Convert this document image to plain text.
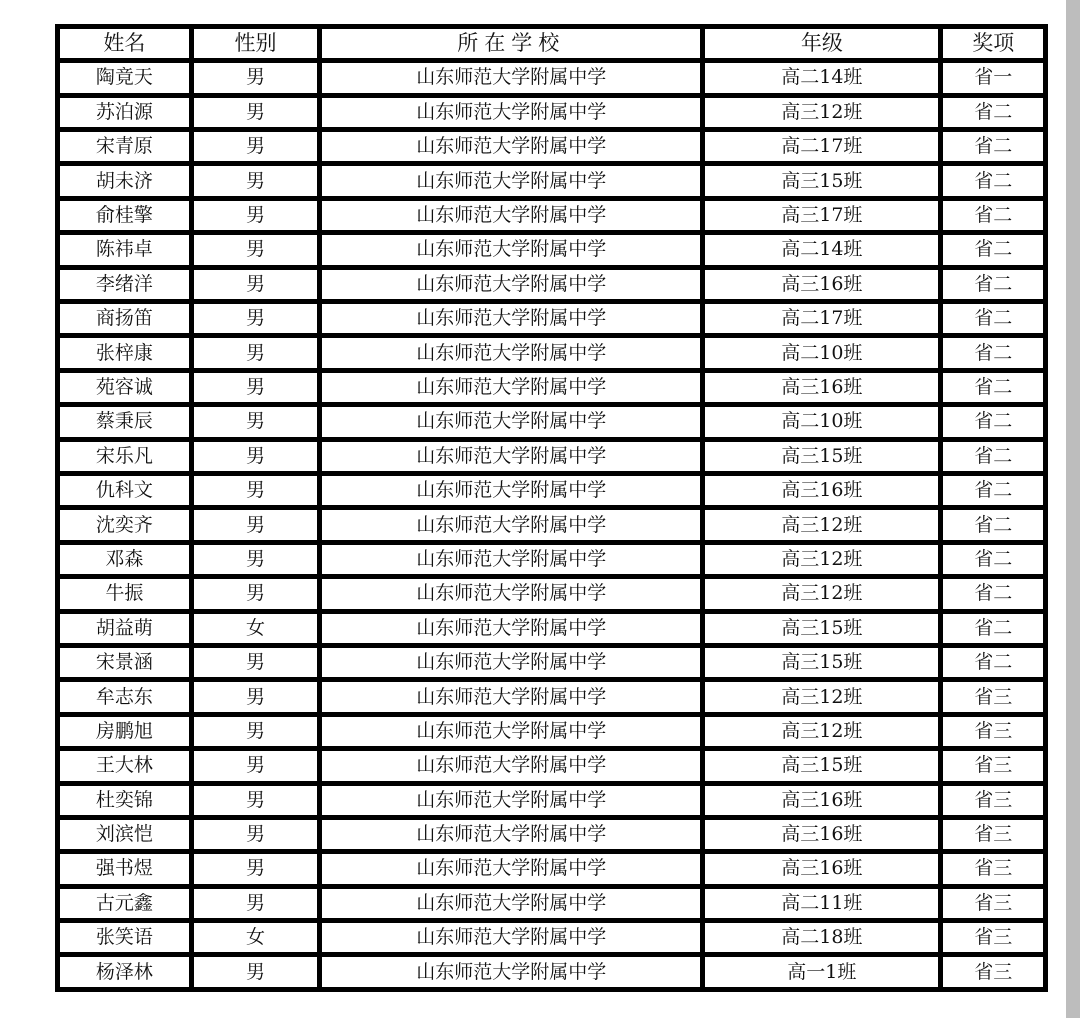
姓名	性别	所在学校	年级	奖项
陶竟天	男	山东师范大学附属中学	高二14班	省一
苏泊源	男	山东师范大学附属中学	高三12班	省二
宋青原	男	山东师范大学附属中学	高二17班	省二
胡未济	男	山东师范大学附属中学	高三15班	省二
俞桂擎	男	山东师范大学附属中学	高三17班	省二
陈祎卓	男	山东师范大学附属中学	高二14班	省二
李绪洋	男	山东师范大学附属中学	高三16班	省二
商扬笛	男	山东师范大学附属中学	高二17班	省二
张梓康	男	山东师范大学附属中学	高二10班	省二
苑容诚	男	山东师范大学附属中学	高三16班	省二
蔡秉辰	男	山东师范大学附属中学	高二10班	省二
宋乐凡	男	山东师范大学附属中学	高三15班	省二
仇科文	男	山东师范大学附属中学	高三16班	省二
沈奕齐	男	山东师范大学附属中学	高三12班	省二
邓森	男	山东师范大学附属中学	高三12班	省二
牛振	男	山东师范大学附属中学	高三12班	省二
胡益萌	女	山东师范大学附属中学	高三15班	省二
宋景涵	男	山东师范大学附属中学	高三15班	省二
牟志东	男	山东师范大学附属中学	高三12班	省三
房鹏旭	男	山东师范大学附属中学	高三12班	省三
王大林	男	山东师范大学附属中学	高三15班	省三
杜奕锦	男	山东师范大学附属中学	高三16班	省三
刘滨恺	男	山东师范大学附属中学	高三16班	省三
强书煜	男	山东师范大学附属中学	高三16班	省三
古元鑫	男	山东师范大学附属中学	高二11班	省三
张笑语	女	山东师范大学附属中学	高二18班	省三
杨泽林	男	山东师范大学附属中学	高一1班	省三
